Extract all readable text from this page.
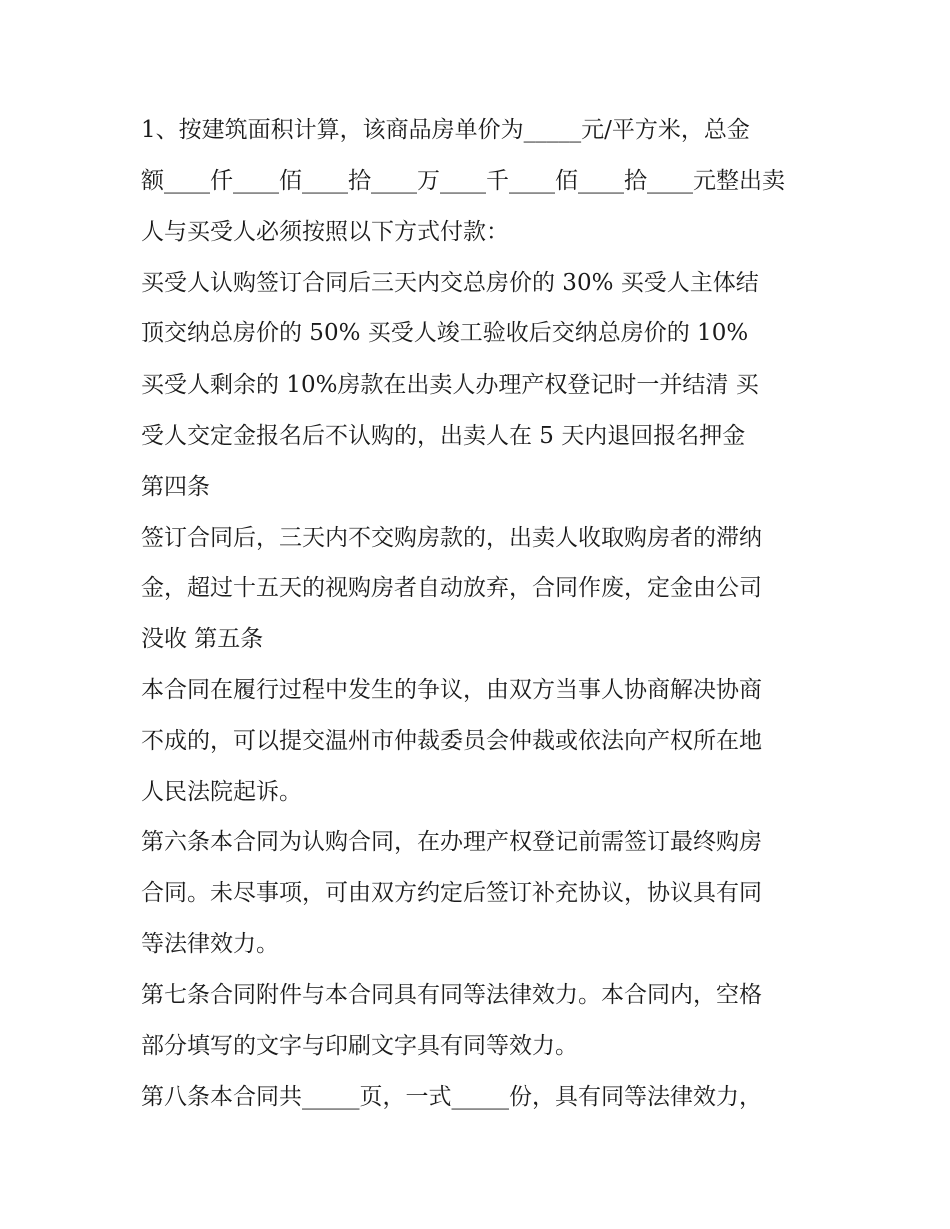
1、按建筑面积计算，该商品房单价为_____元/平方米，总金
额____仟____佰____拾____万____千____佰____拾____元整出卖
人与买受人必须按照以下方式付款：
买受人认购签订合同后三天内交总房价的 30% 买受人主体结
顶交纳总房价的 50% 买受人竣工验收后交纳总房价的 10%
买受人剩余的 10%房款在出卖人办理产权登记时一并结清 买
受人交定金报名后不认购的，出卖人在 5 天内退回报名押金
第四条
签订合同后，三天内不交购房款的，出卖人收取购房者的滞纳
金，超过十五天的视购房者自动放弃，合同作废，定金由公司
没收 第五条
本合同在履行过程中发生的争议，由双方当事人协商解决协商
不成的，可以提交温州市仲裁委员会仲裁或依法向产权所在地
人民法院起诉。
第六条本合同为认购合同，在办理产权登记前需签订最终购房
合同。未尽事项，可由双方约定后签订补充协议，协议具有同
等法律效力。
第七条合同附件与本合同具有同等法律效力。本合同内，空格
部分填写的文字与印刷文字具有同等效力。
第八条本合同共_____页，一式_____份，具有同等法律效力，
